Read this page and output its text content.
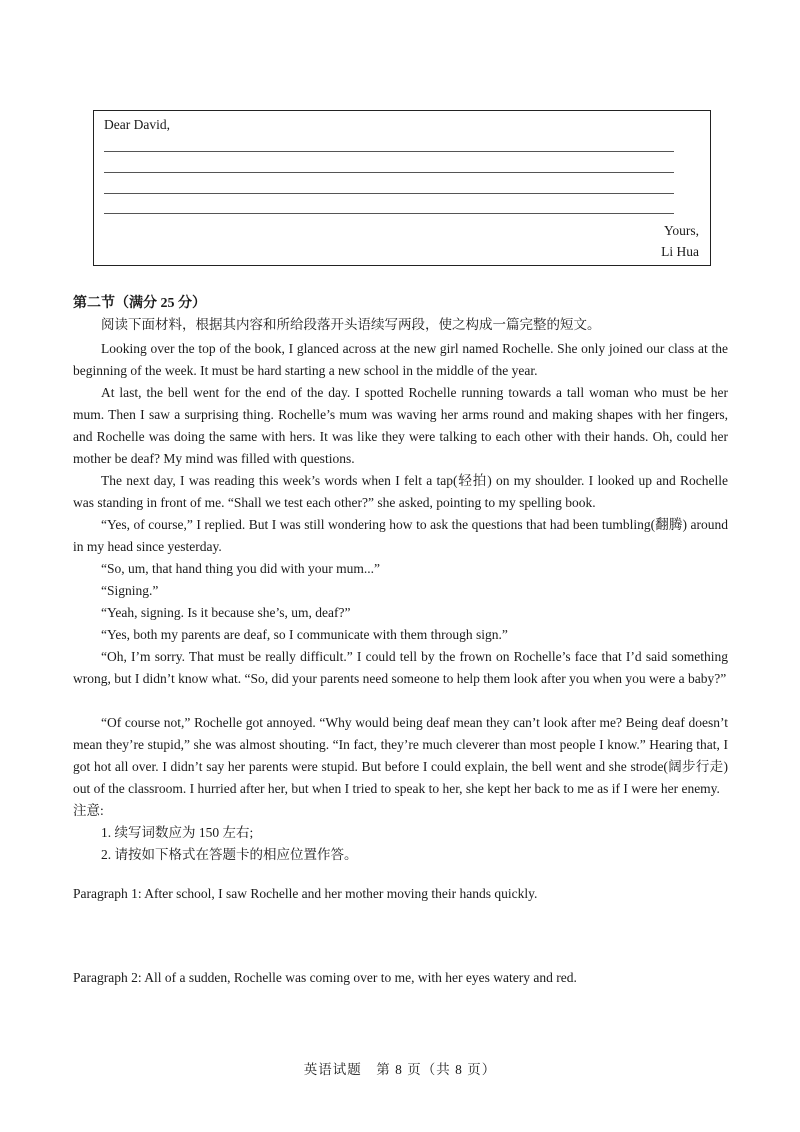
Dear David,
Yours,
Li Hua
第二节（满分 25 分）
阅读下面材料，根据其内容和所给段落开头语续写两段，使之构成一篇完整的短文。

Looking over the top of the book, I glanced across at the new girl named Rochelle. She only joined our class at the beginning of the week. It must be hard starting a new school in the middle of the year.

At last, the bell went for the end of the day. I spotted Rochelle running towards a tall woman who must be her mum. Then I saw a surprising thing. Rochelle’s mum was waving her arms round and making shapes with her fingers, and Rochelle was doing the same with hers. It was like they were talking to each other with their hands. Oh, could her mother be deaf? My mind was filled with questions.

The next day, I was reading this week’s words when I felt a tap(轻拍) on my shoulder. I looked up and Rochelle was standing in front of me. “Shall we test each other?” she asked, pointing to my spelling book.

“Yes, of course,” I replied. But I was still wondering how to ask the questions that had been tumbling(翻腾) around in my head since yesterday.

“So, um, that hand thing you did with your mum...”

“Signing.”

“Yeah, signing. Is it because she’s, um, deaf?”

“Yes, both my parents are deaf, so I communicate with them through sign.”

“Oh, I’m sorry. That must be really difficult.” I could tell by the frown on Rochelle’s face that I’d said something wrong, but I didn’t know what. “So, did your parents need someone to help them look after you when you were a baby?”

“Of course not,” Rochelle got annoyed. “Why would being deaf mean they can’t look after me? Being deaf doesn’t mean they’re stupid,” she was almost shouting. “In fact, they’re much cleverer than most people I know.” Hearing that, I got hot all over. I didn’t say her parents were stupid. But before I could explain, the bell went and she strode(阔步行走) out of the classroom. I hurried after her, but when I tried to speak to her, she kept her back to me as if I were her enemy.

注意:
1. 续写词数应为 150 左右;
2. 请按如下格式在答题卡的相应位置作答。
Paragraph 1: After school, I saw Rochelle and her mother moving their hands quickly.
Paragraph 2: All of a sudden, Rochelle was coming over to me, with her eyes watery and red.
英语试题　第 8 页（共 8 页）
